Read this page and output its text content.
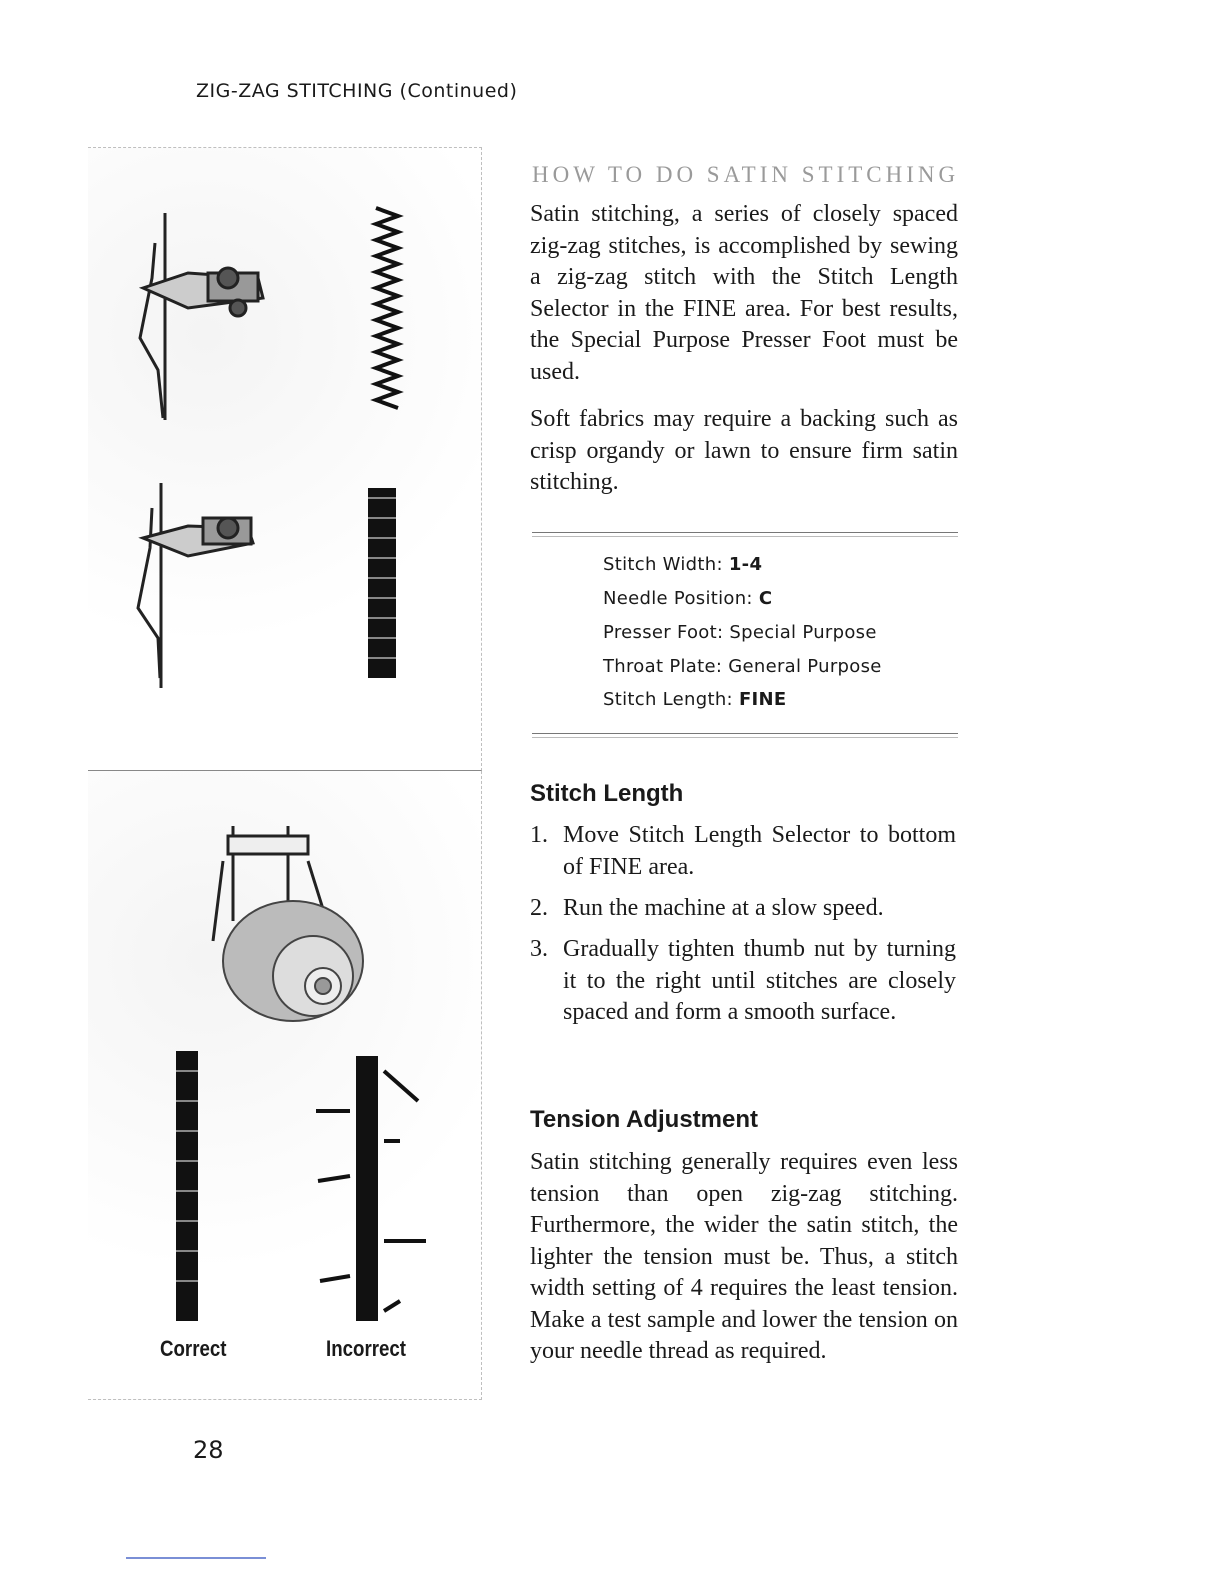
ZIG-ZAG STITCHING (Continued)
Correct	Incorrect
HOW TO DO SATIN STITCHING
Satin stitching, a series of closely spaced zig-zag stitches, is accomplished by sewing a zig-zag stitch with the Stitch Length Selector in the FINE area. For best results, the Special Purpose Presser Foot must be used.
Soft fabrics may require a backing such as crisp organdy or lawn to ensure firm satin stitching.
Stitch Width: 1-4
Needle Position: C
Presser Foot: Special Purpose
Throat Plate: General Purpose
Stitch Length: FINE
Stitch Length
1. Move Stitch Length Selector to bottom of FINE area.
2. Run the machine at a slow speed.
3. Gradually tighten thumb nut by turning it to the right until stitches are closely spaced and form a smooth surface.
Tension Adjustment
Satin stitching generally requires even less tension than open zig-zag stitching. Furthermore, the wider the satin stitch, the lighter the tension must be. Thus, a stitch width setting of 4 requires the least tension. Make a test sample and lower the tension on your needle thread as required.
28
